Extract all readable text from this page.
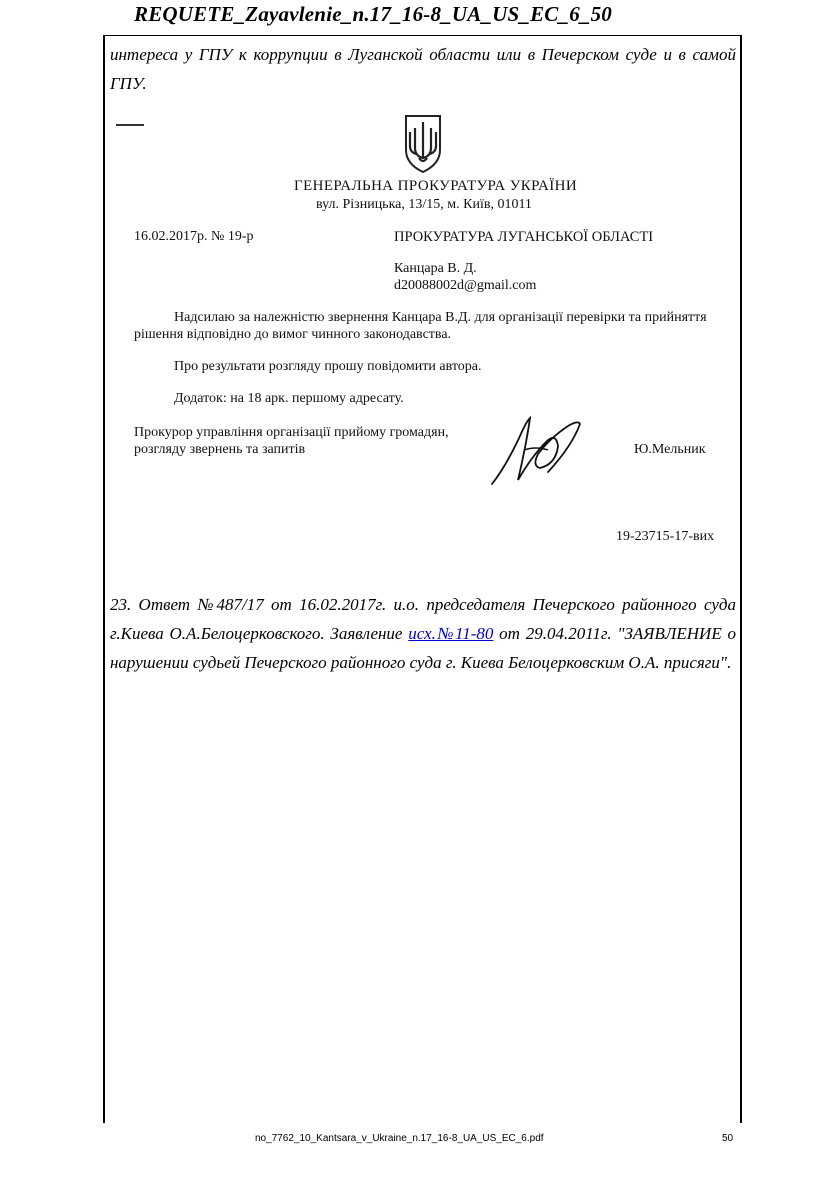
REQUETE_Zayavlenie_n.17_16-8_UA_US_EC_6_50
интереса у ГПУ к коррупции в Луганской области или в Печерском суде и в самой ГПУ.
ГЕНЕРАЛЬНА ПРОКУРАТУРА УКРАЇНИ
вул. Різницька, 13/15, м. Київ, 01011
16.02.2017р. № 19-р	ПРОКУРАТУРА ЛУГАНСЬКОЇ ОБЛАСТІ
Канцара В. Д.
d20088002d@gmail.com
Надсилаю за належністю звернення Канцара В.Д. для організації перевірки та прийняття
рішення відповідно до вимог чинного законодавства.
Про результати розгляду прошу повідомити автора.
Додаток: на 18 арк. першому адресату.
Прокурор управління організації прийому громадян,
розгляду звернень та запитів	Ю.Мельник
19-23715-17-вих
23. Ответ №487/17 от 16.02.2017г. и.о. председателя Печерского районного суда г.Киева О.А.Белоцерковского. Заявление исх.№11-80 от 29.04.2011г. "ЗАЯВЛЕНИЕ о нарушении судьей Печерского районного суда г. Киева Белоцерковским О.А. присяги".
no_7762_10_Kantsara_v_Ukraine_n.17_16-8_UA_US_EC_6.pdf	50
